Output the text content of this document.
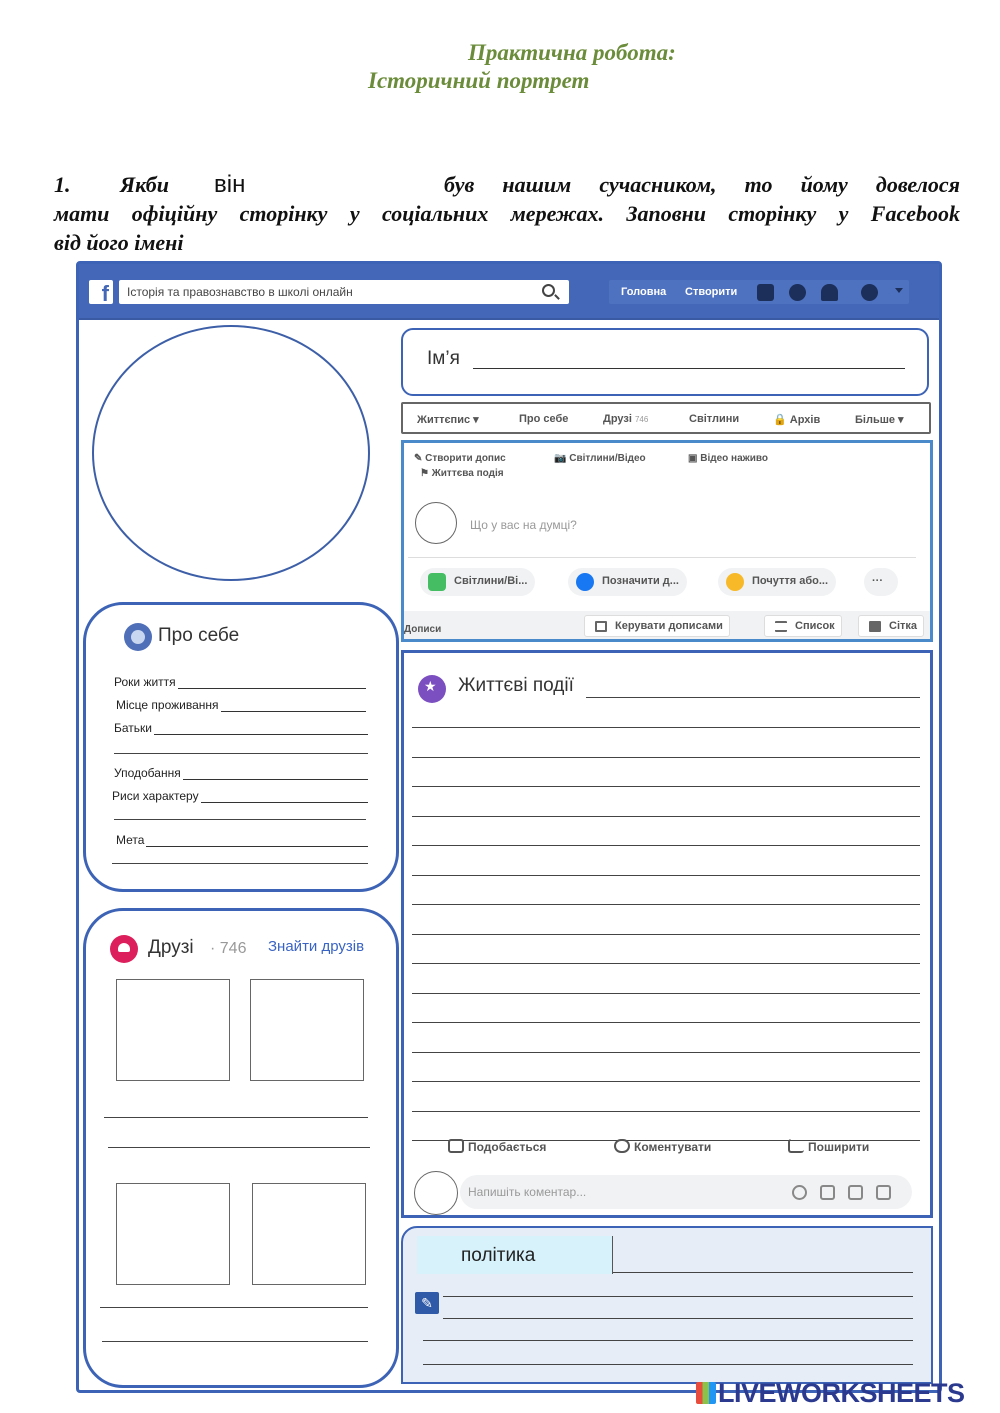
Практична робота:
Історичний портрет
1.	Якби	він	був нашим сучасником, то йому довелося
мати офіційну сторінку у соціальних мережах. Заповни сторінку у Facebook
від його імені
f	Історія та правознавство в школі онлайн	Головна Створити
Про себе
Роки життя
Місце проживання
Батьки
Уподобання
Риси характеру
Мета
Друзі · 746 Знайти друзів
Ім’я
Життєпис ▾	Про себе	Друзі 746	Світлини	🔒 Архів	Більше ▾
✎ Створити допис	📷 Світлини/Відео	▣ Відео наживо
⚑ Життєва подія
Що у вас на думці?
Світлини/Ві...	Позначити д...	Почуття або...	···
Дописи	Керувати дописами	Список	Сітка
★
Життєві події
Подобається	Коментувати	Поширити
Напишіть коментар...
політика
✎
LIVEWORKSHEETS
